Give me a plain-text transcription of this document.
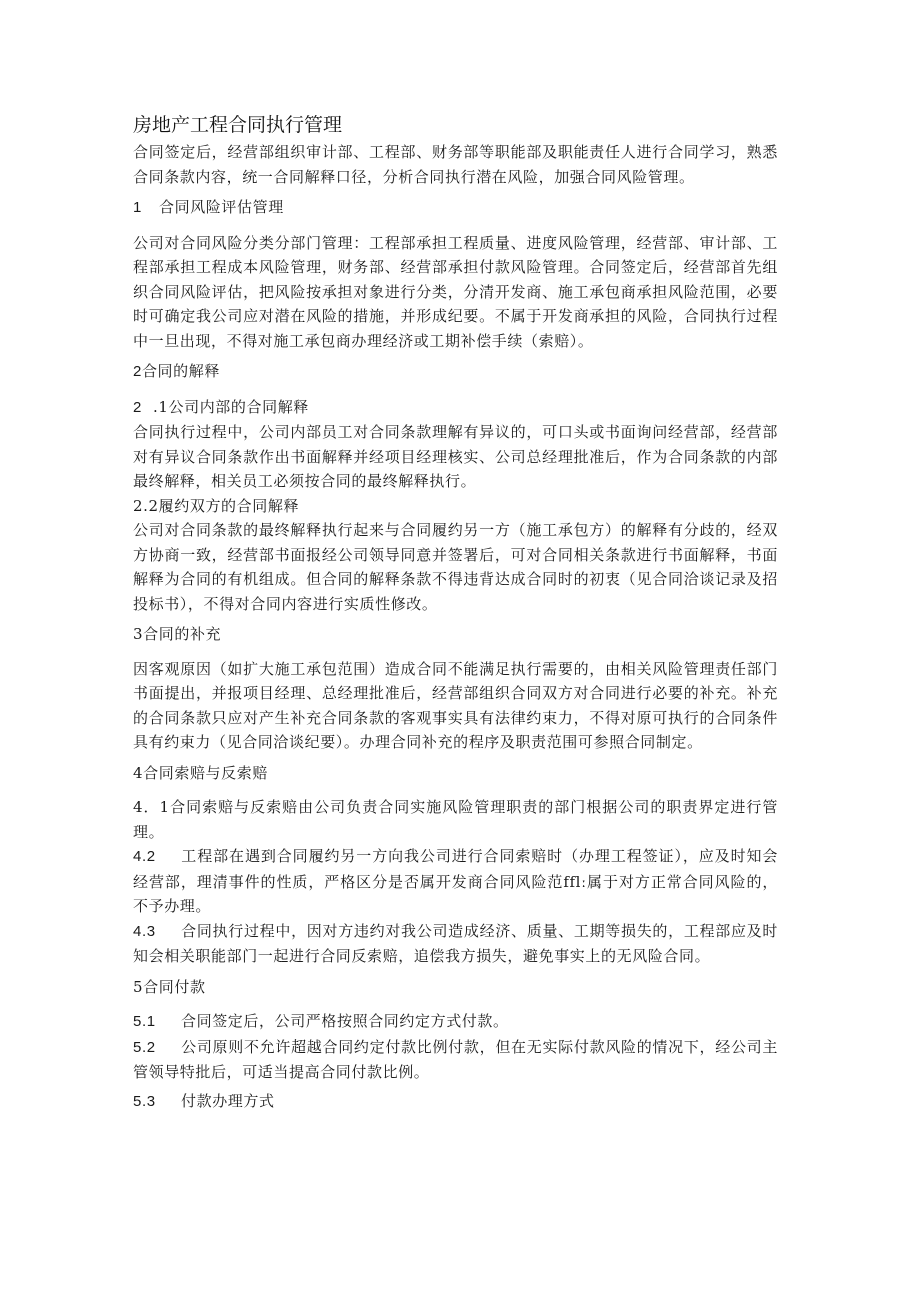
房地产工程合同执行管理

合同签定后，经营部组织审计部、工程部、财务部等职能部及职能责任人进行合同学习，熟悉合同条款内容，统一合同解释口径，分析合同执行潜在风险，加强合同风险管理。

1 合同风险评估管理

公司对合同风险分类分部门管理：工程部承担工程质量、进度风险管理，经营部、审计部、工程部承担工程成本风险管理，财务部、经营部承担付款风险管理。合同签定后，经营部首先组织合同风险评估，把风险按承担对象进行分类，分清开发商、施工承包商承担风险范围，必要时可确定我公司应对潜在风险的措施，并形成纪要。不属于开发商承担的风险，合同执行过程中一旦出现，不得对施工承包商办理经济或工期补偿手续（索赔）。

2合同的解释
2 .1公司内部的合同解释

合同执行过程中，公司内部员工对合同条款理解有异议的，可口头或书面询问经营部，经营部对有异议合同条款作出书面解释并经项目经理核实、公司总经理批准后，作为合同条款的内部最终解释，相关员工必须按合同的最终解释执行。

2.2履约双方的合同解释

公司对合同条款的最终解释执行起来与合同履约另一方（施工承包方）的解释有分歧的，经双方协商一致，经营部书面报经公司领导同意并签署后，可对合同相关条款进行书面解释，书面解释为合同的有机组成。但合同的解释条款不得违背达成合同时的初衷（见合同洽谈记录及招投标书），不得对合同内容进行实质性修改。

3合同的补充

因客观原因（如扩大施工承包范围）造成合同不能满足执行需要的，由相关风险管理责任部门书面提出，并报项目经理、总经理批准后，经营部组织合同双方对合同进行必要的补充。补充的合同条款只应对产生补充合同条款的客观事实具有法律约束力，不得对原可执行的合同条件具有约束力（见合同洽谈纪要）。办理合同补充的程序及职责范围可参照合同制定。

4合同索赔与反索赔

4．1合同索赔与反索赔由公司负责合同实施风险管理职责的部门根据公司的职责界定进行管理。

4.2 工程部在遇到合同履约另一方向我公司进行合同索赔时（办理工程签证），应及时知会经营部，理清事件的性质，严格区分是否属开发商合同风险范fflː属于对方正常合同风险的，不予办理。

4.3 合同执行过程中，因对方违约对我公司造成经济、质量、工期等损失的，工程部应及时知会相关职能部门一起进行合同反索赔，追偿我方损失，避免事实上的无风险合同。

5合同付款

5.1 合同签定后，公司严格按照合同约定方式付款。

5.2 公司原则不允许超越合同约定付款比例付款，但在无实际付款风险的情况下，经公司主管领导特批后，可适当提高合同付款比例。

5.3 付款办理方式
